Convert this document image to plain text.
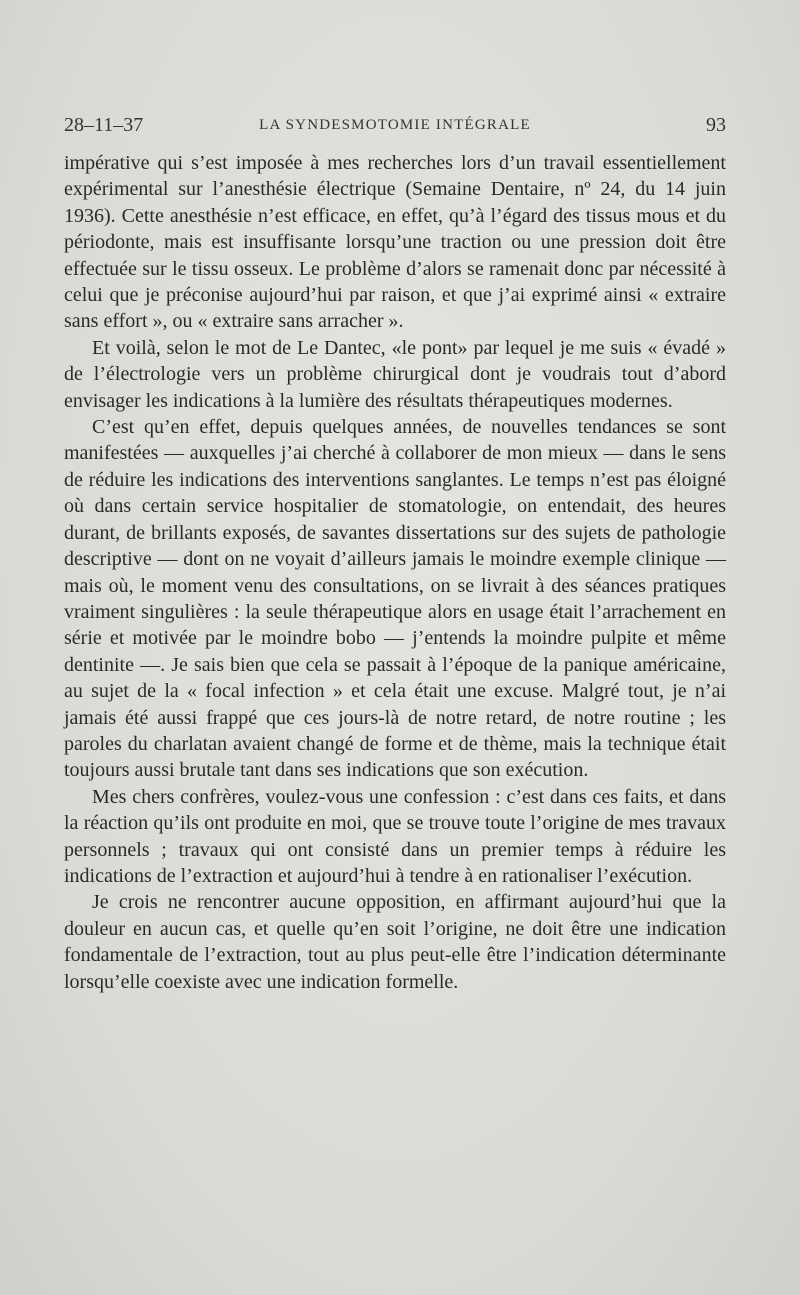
28–11–37	LA SYNDESMOTOMIE INTÉGRALE	93

impérative qui s’est imposée à mes recherches lors d’un travail essentiellement expérimental sur l’anesthésie électrique (Semaine Dentaire, nº 24, du 14 juin 1936). Cette anesthésie n’est efficace, en effet, qu’à l’égard des tissus mous et du périodonte, mais est insuffisante lorsqu’une traction ou une pression doit être effectuée sur le tissu osseux. Le problème d’alors se ramenait donc par nécessité à celui que je préconise aujourd’hui par raison, et que j’ai exprimé ainsi « extraire sans effort », ou « extraire sans arracher ».

Et voilà, selon le mot de Le Dantec, «le pont» par lequel je me suis « évadé » de l’électrologie vers un problème chirurgical dont je voudrais tout d’abord envisager les indications à la lumière des résultats thérapeutiques modernes.

C’est qu’en effet, depuis quelques années, de nouvelles tendances se sont manifestées — auxquelles j’ai cherché à collaborer de mon mieux — dans le sens de réduire les indications des interventions sanglantes. Le temps n’est pas éloigné où dans certain service hospitalier de stomatologie, on entendait, des heures durant, de brillants exposés, de savantes dissertations sur des sujets de pathologie descriptive — dont on ne voyait d’ailleurs jamais le moindre exemple clinique — mais où, le moment venu des consultations, on se livrait à des séances pratiques vraiment singulières : la seule thérapeutique alors en usage était l’arrachement en série et motivée par le moindre bobo — j’entends la moindre pulpite et même dentinite —. Je sais bien que cela se passait à l’époque de la panique américaine, au sujet de la « focal infection » et cela était une excuse. Malgré tout, je n’ai jamais été aussi frappé que ces jours-là de notre retard, de notre routine ; les paroles du charlatan avaient changé de forme et de thème, mais la technique était toujours aussi brutale tant dans ses indications que son exécution.

Mes chers confrères, voulez-vous une confession : c’est dans ces faits, et dans la réaction qu’ils ont produite en moi, que se trouve toute l’origine de mes travaux personnels ; travaux qui ont consisté dans un premier temps à réduire les indications de l’extraction et aujourd’hui à tendre à en rationaliser l’exécution.

Je crois ne rencontrer aucune opposition, en affirmant aujourd’hui que la douleur en aucun cas, et quelle qu’en soit l’origine, ne doit être une indication fondamentale de l’extraction, tout au plus peut-elle être l’indication déterminante lorsqu’elle coexiste avec une indication formelle.
